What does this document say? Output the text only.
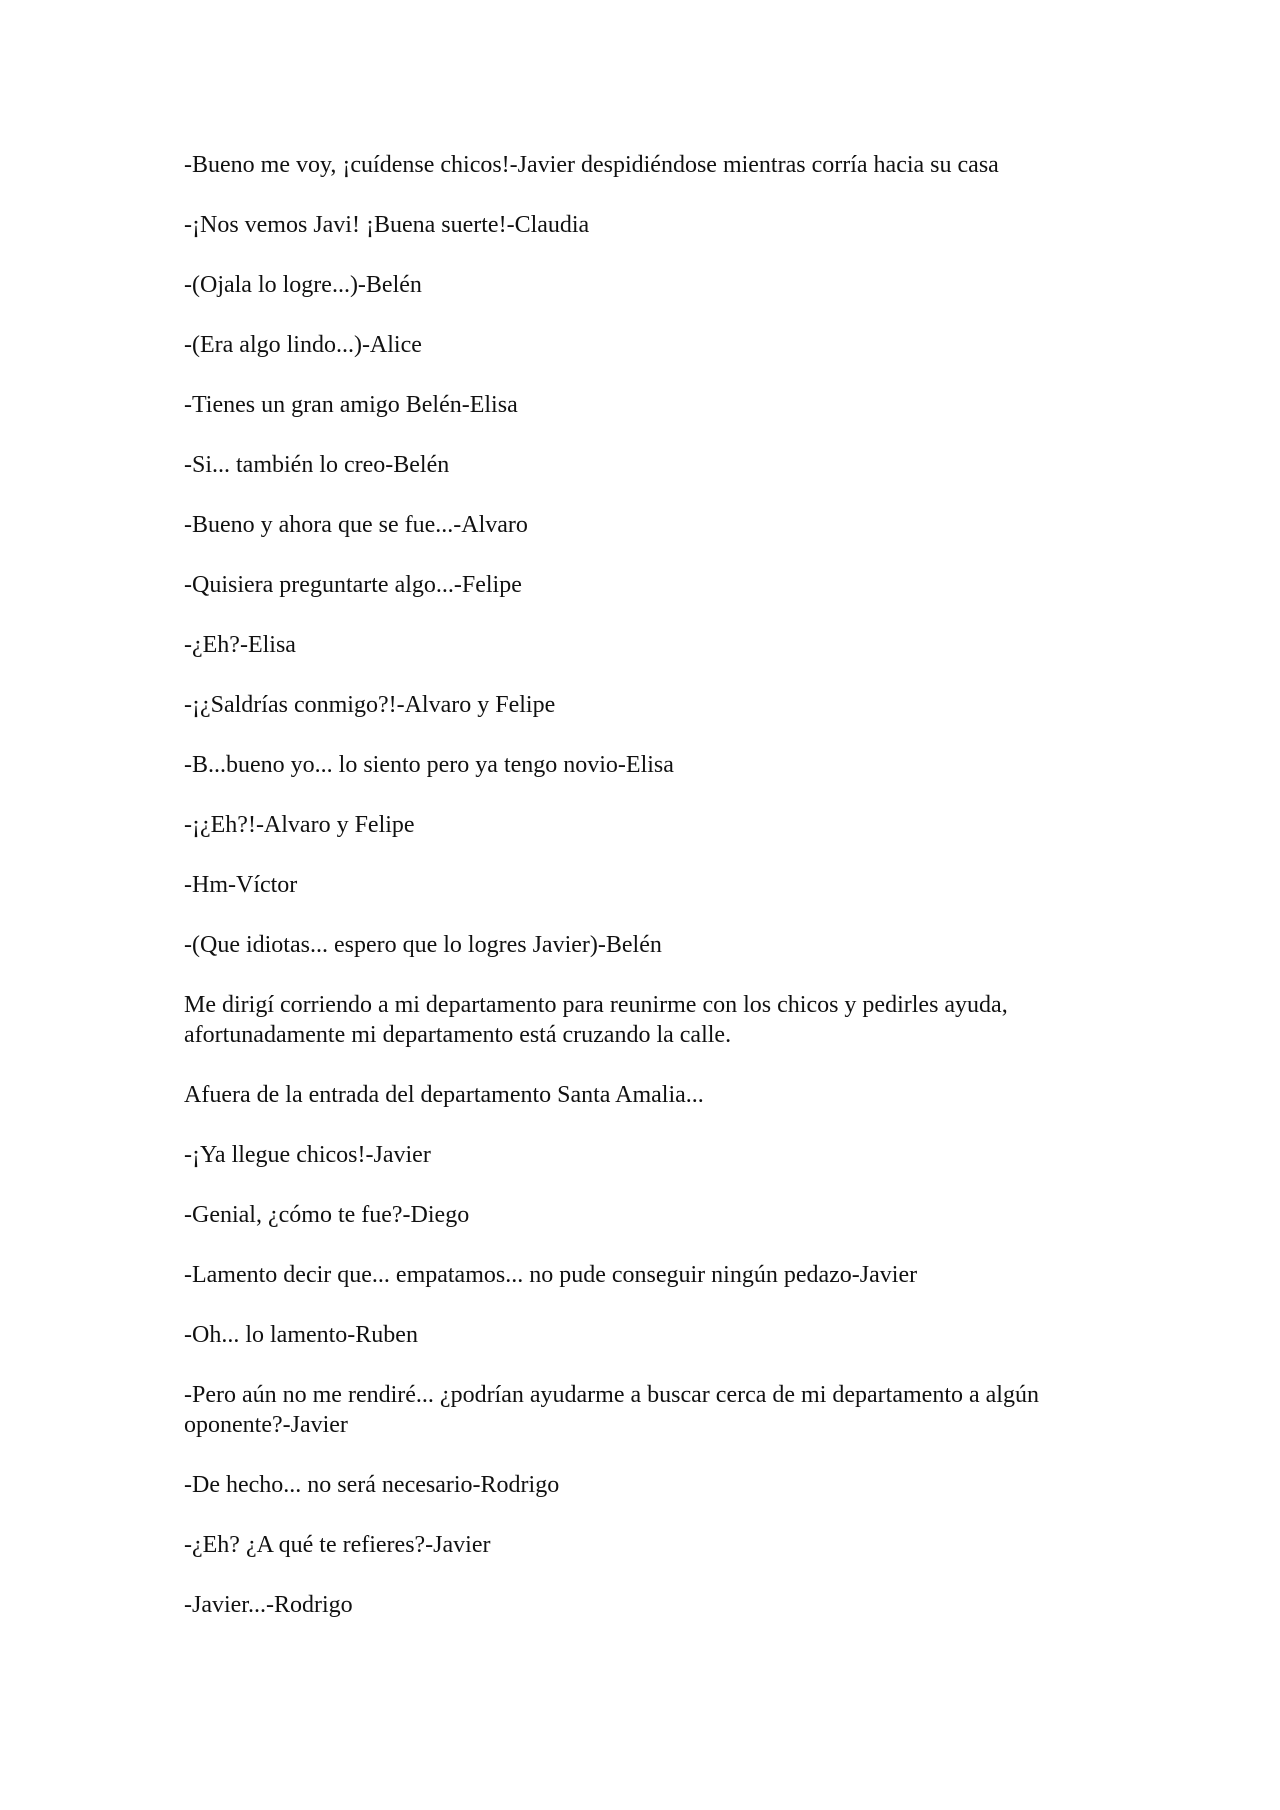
-Bueno me voy, ¡cuídense chicos!-Javier despidiéndose mientras corría hacia su casa

-¡Nos vemos Javi! ¡Buena suerte!-Claudia

-(Ojala lo logre...)-Belén

-(Era algo lindo...)-Alice

-Tienes un gran amigo Belén-Elisa

-Si... también lo creo-Belén

-Bueno y ahora que se fue...-Alvaro

-Quisiera preguntarte algo...-Felipe

-¿Eh?-Elisa

-¡¿Saldrías conmigo?!-Alvaro y Felipe

-B...bueno yo... lo siento pero ya tengo novio-Elisa

-¡¿Eh?!-Alvaro y Felipe

-Hm-Víctor

-(Que idiotas... espero que lo logres Javier)-Belén

Me dirigí corriendo a mi departamento para reunirme con los chicos y pedirles ayuda, afortunadamente mi departamento está cruzando la calle.

Afuera de la entrada del departamento Santa Amalia...

-¡Ya llegue chicos!-Javier

-Genial, ¿cómo te fue?-Diego

-Lamento decir que... empatamos... no pude conseguir ningún pedazo-Javier

-Oh... lo lamento-Ruben

-Pero aún no me rendiré... ¿podrían ayudarme a buscar cerca de mi departamento a algún oponente?-Javier

-De hecho... no será necesario-Rodrigo

-¿Eh? ¿A qué te refieres?-Javier

-Javier...-Rodrigo
